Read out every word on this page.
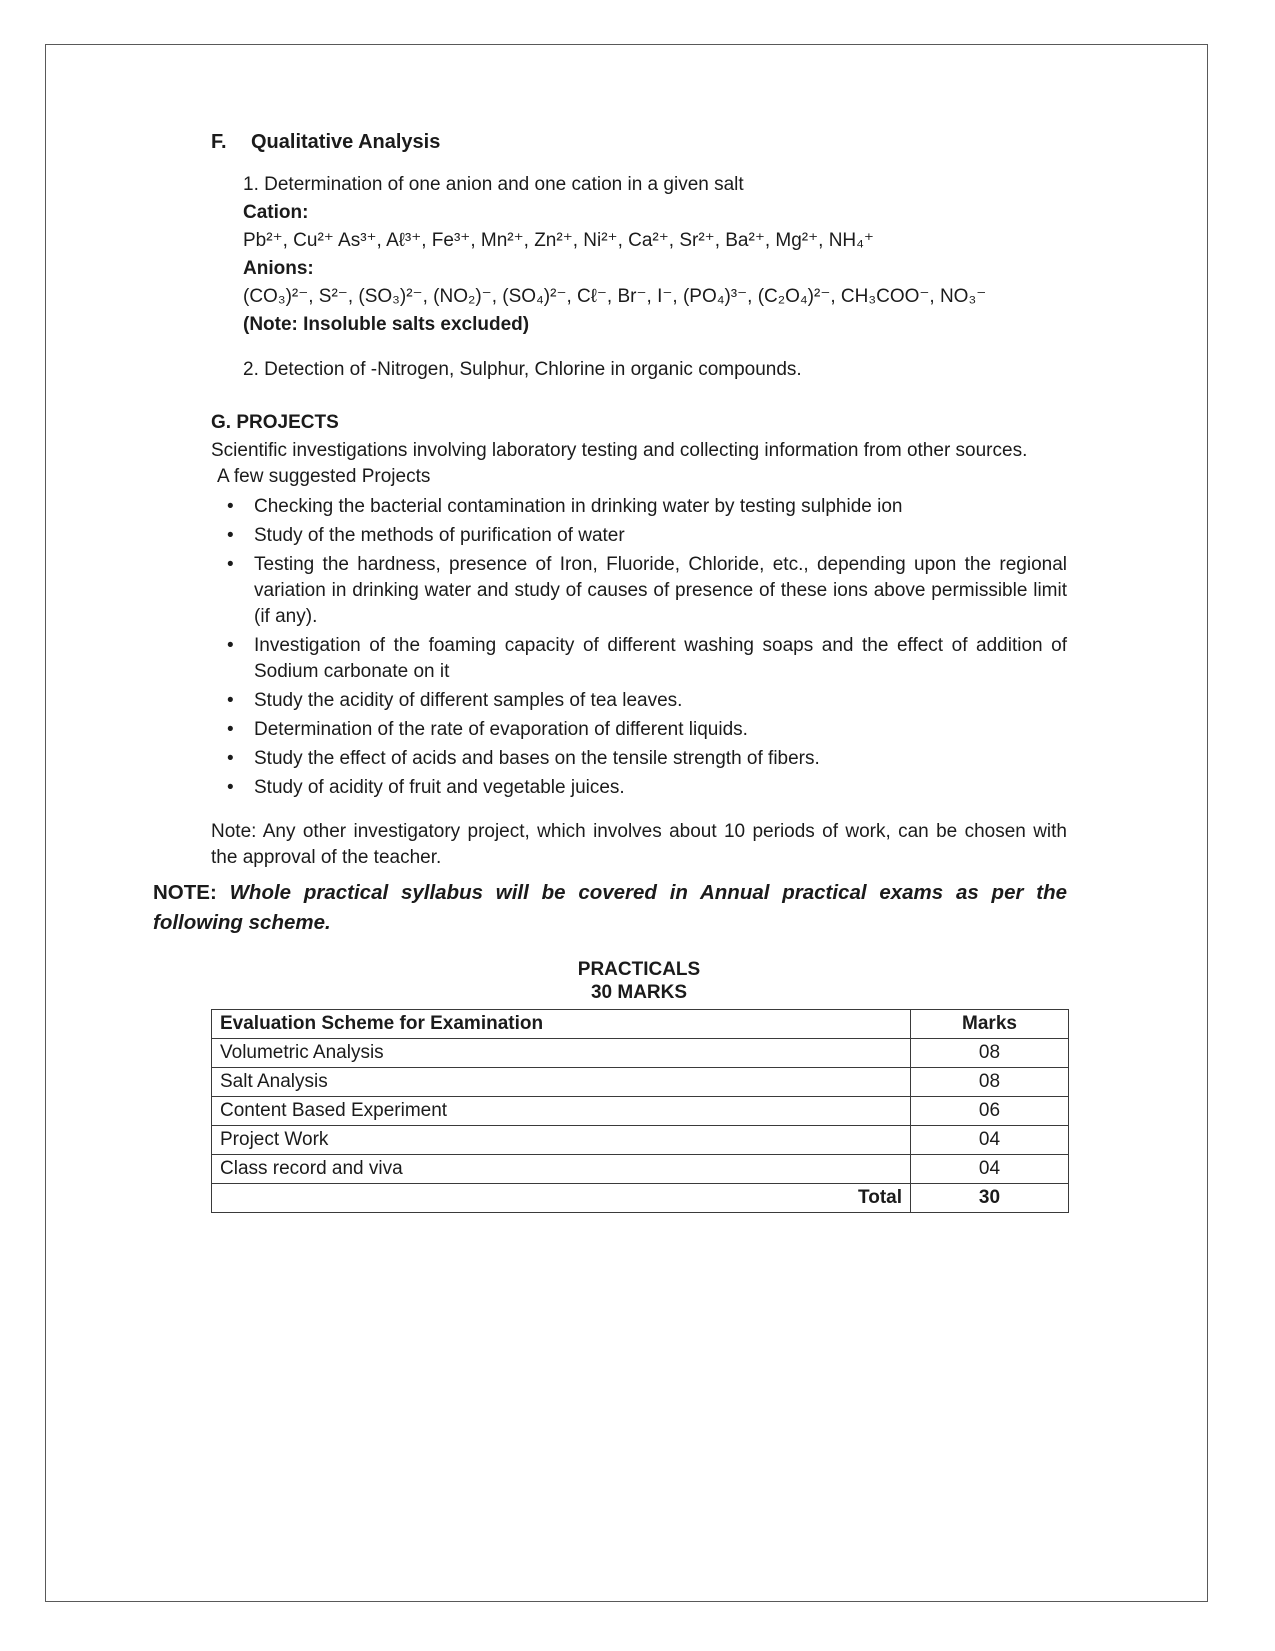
F. Qualitative Analysis

1. Determination of one anion and one cation in a given salt

Cation:

Pb²⁺, Cu²⁺ As³⁺, Aℓ³⁺, Fe³⁺, Mn²⁺, Zn²⁺, Ni²⁺, Ca²⁺, Sr²⁺, Ba²⁺, Mg²⁺, NH₄⁺

Anions:

(CO₃)²⁻, S²⁻, (SO₃)²⁻, (NO₂)⁻, (SO₄)²⁻, Cℓ⁻, Br⁻, I⁻, (PO₄)³⁻, (C₂O₄)²⁻, CH₃COO⁻, NO₃⁻

(Note: Insoluble salts excluded)

2. Detection of -Nitrogen, Sulphur, Chlorine in organic compounds.

G. PROJECTS

Scientific investigations involving laboratory testing and collecting information from other sources.

A few suggested Projects

• Checking the bacterial contamination in drinking water by testing sulphide ion
• Study of the methods of purification of water
• Testing the hardness, presence of Iron, Fluoride, Chloride, etc., depending upon the regional variation in drinking water and study of causes of presence of these ions above permissible limit (if any).
• Investigation of the foaming capacity of different washing soaps and the effect of addition of Sodium carbonate on it
• Study the acidity of different samples of tea leaves.
• Determination of the rate of evaporation of different liquids.
• Study the effect of acids and bases on the tensile strength of fibers.
• Study of acidity of fruit and vegetable juices.

Note: Any other investigatory project, which involves about 10 periods of work, can be chosen with the approval of the teacher.

NOTE: Whole practical syllabus will be covered in Annual practical exams as per the following scheme.

PRACTICALS

30 MARKS

Evaluation Scheme for Examination	Marks
Volumetric Analysis	08
Salt Analysis	08
Content Based Experiment	06
Project Work	04
Class record and viva	04
Total	30
